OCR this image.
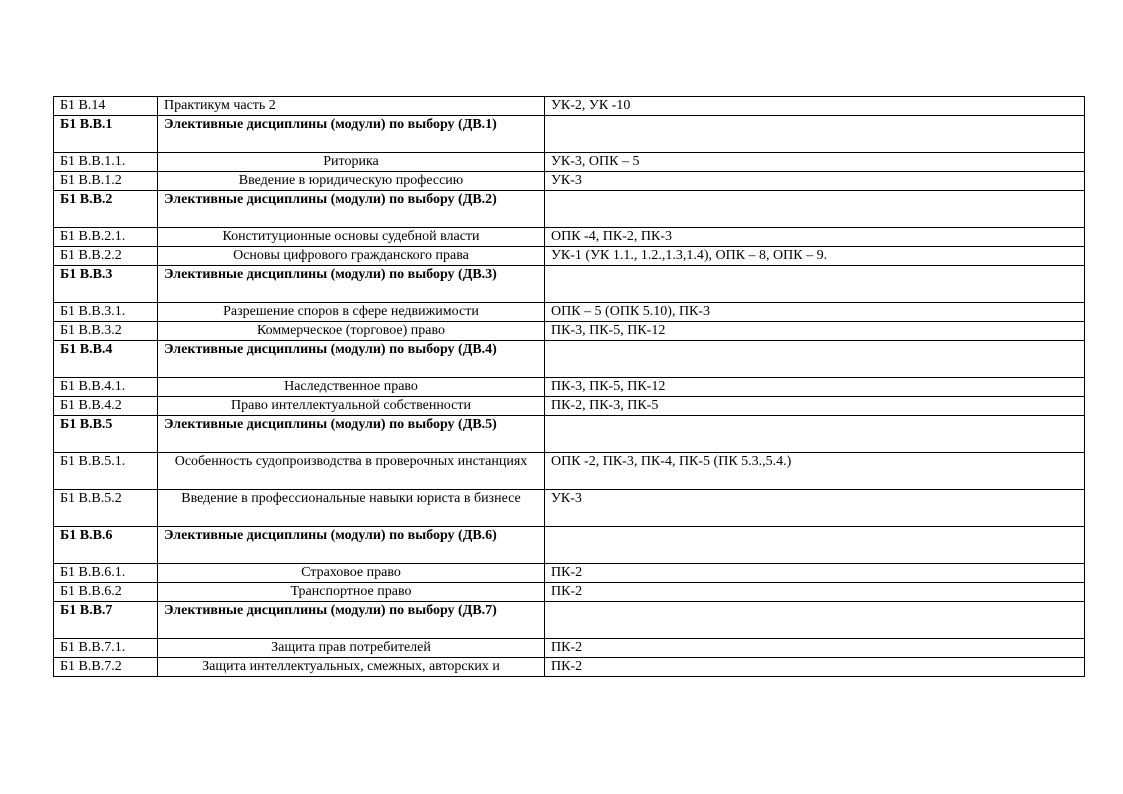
Б1 В.14	Практикум часть 2	УК-2, УК -10
Б1 В.В.1	Элективные дисциплины (модули) по выбору (ДВ.1)	
Б1 В.В.1.1.	Риторика	УК-3, ОПК – 5
Б1 В.В.1.2	Введение в юридическую профессию	УК-3
Б1 В.В.2	Элективные дисциплины (модули) по выбору (ДВ.2)	
Б1 В.В.2.1.	Конституционные основы судебной власти	ОПК -4, ПК-2, ПК-3
Б1 В.В.2.2	Основы цифрового гражданского права	УК-1 (УК 1.1., 1.2.,1.3,1.4), ОПК – 8, ОПК – 9.
Б1 В.В.3	Элективные дисциплины (модули) по выбору (ДВ.3)	
Б1 В.В.3.1.	Разрешение споров в сфере недвижимости	ОПК – 5 (ОПК 5.10), ПК-3
Б1 В.В.3.2	Коммерческое (торговое) право	ПК-3, ПК-5, ПК-12
Б1 В.В.4	Элективные дисциплины (модули) по выбору (ДВ.4)	
Б1 В.В.4.1.	Наследственное право	ПК-3, ПК-5, ПК-12
Б1 В.В.4.2	Право интеллектуальной собственности	ПК-2, ПК-3, ПК-5
Б1 В.В.5	Элективные дисциплины (модули) по выбору (ДВ.5)	
Б1 В.В.5.1.	Особенность судопроизводства в проверочных инстанциях	ОПК -2, ПК-3, ПК-4, ПК-5 (ПК 5.3.,5.4.)
Б1 В.В.5.2	Введение в профессиональные навыки юриста в бизнесе	УК-3
Б1 В.В.6	Элективные дисциплины (модули) по выбору (ДВ.6)	
Б1 В.В.6.1.	Страховое право	ПК-2
Б1 В.В.6.2	Транспортное право	ПК-2
Б1 В.В.7	Элективные дисциплины (модули) по выбору (ДВ.7)	
Б1 В.В.7.1.	Защита прав потребителей	ПК-2
Б1 В.В.7.2	Защита интеллектуальных, смежных, авторских и	ПК-2
